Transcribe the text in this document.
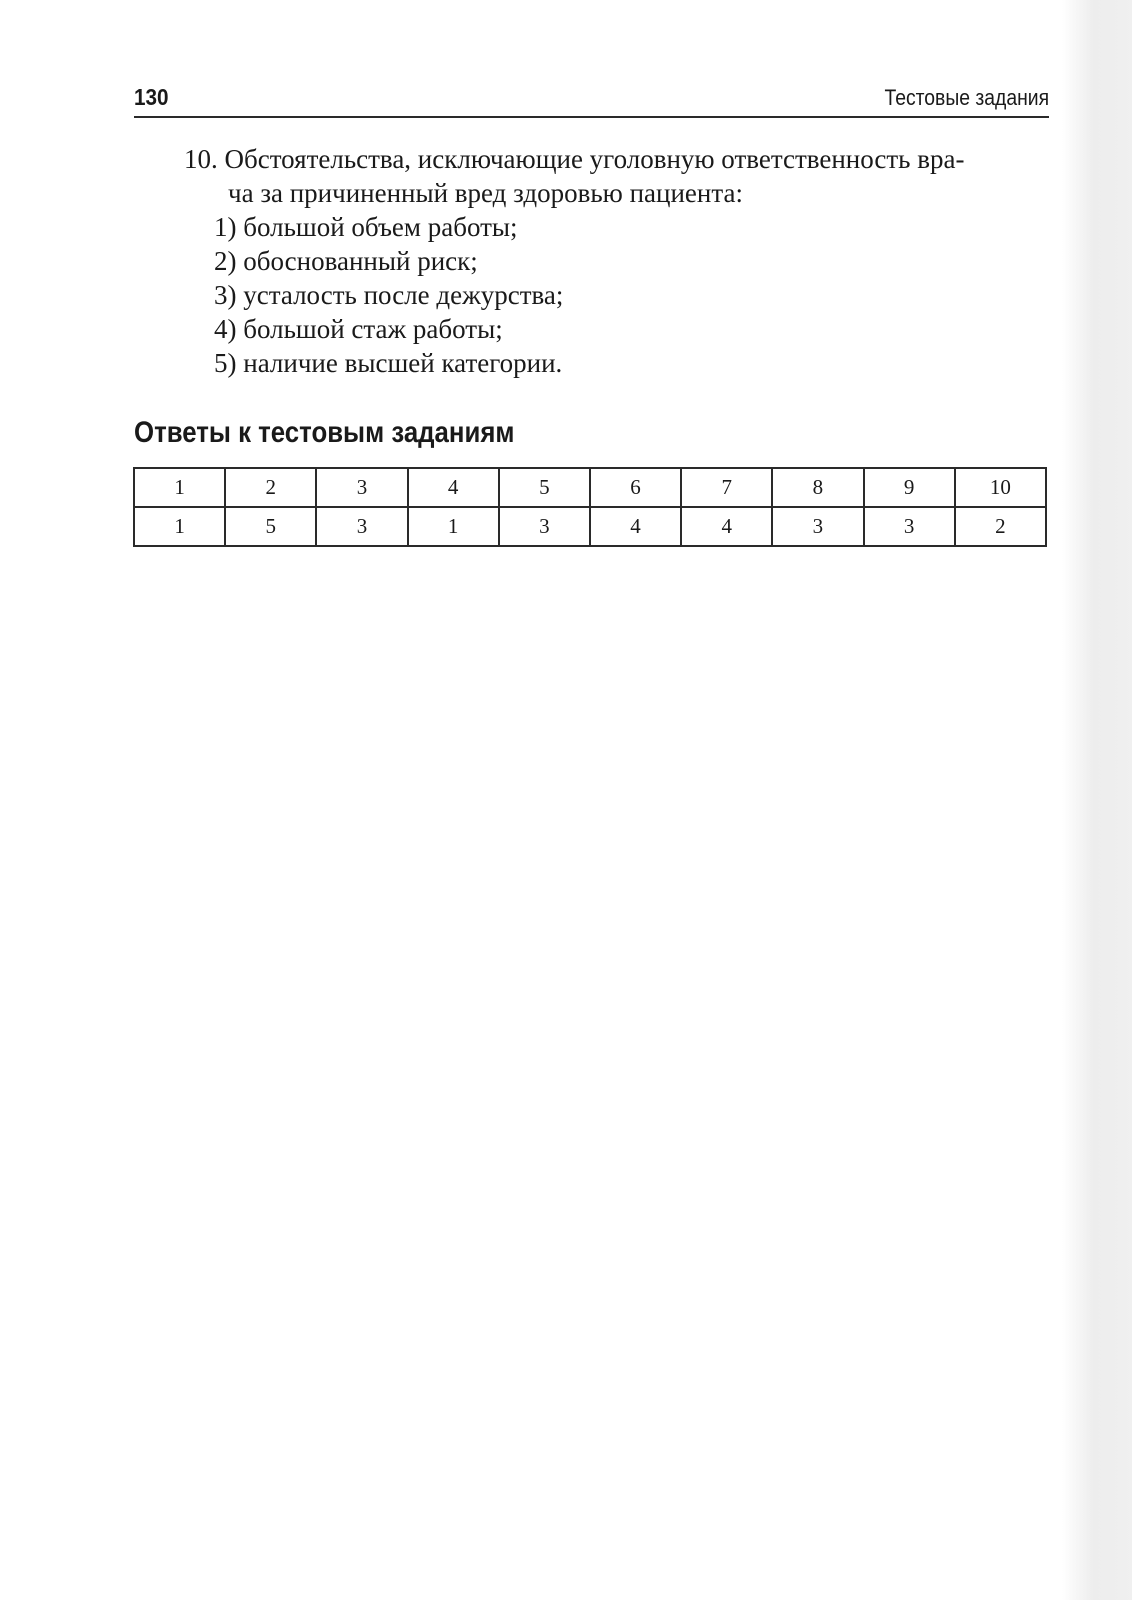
130	Тестовые задания

10. Обстоятельства, исключающие уголовную ответственность вра-
ча за причиненный вред здоровью пациента:

1) большой объем работы;
2) обоснованный риск;
3) усталость после дежурства;
4) большой стаж работы;
5) наличие высшей категории.
Ответы к тестовым заданиям
1	2	3	4	5	6	7	8	9	10
1	5	3	1	3	4	4	3	3	2
